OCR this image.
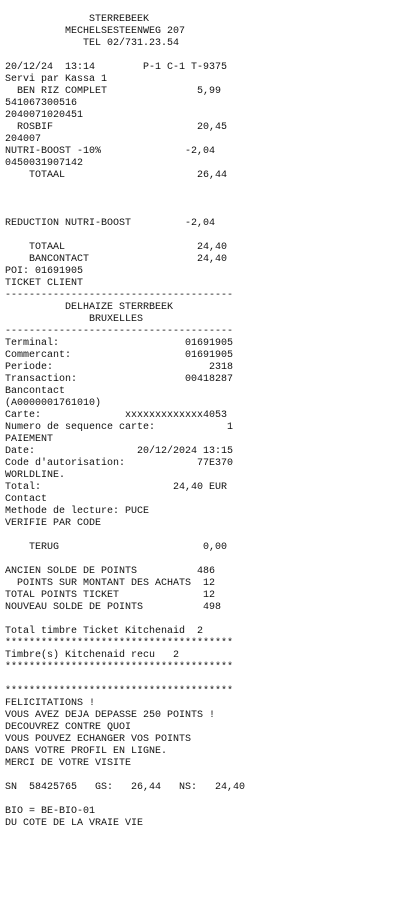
STERREBEEK
MECHELSESTEENWEG 207
TEL 02/731.23.54
20/12/24  13:14        P-1 C-1 T-9375
Servi par Kassa 1
BEN RIZ COMPLET               5,99
541067300516
2040071020451
ROSBIF                        20,45
204007
NUTRI-BOOST -10%              -2,04
0450031907142
TOTAAL                      26,44
REDUCTION NUTRI-BOOST         -2,04
TOTAAL                      24,40
BANCONTACT                  24,40
POI: 01691905
TICKET CLIENT
--------------------------------------
DELHAIZE STERRBEEK
BRUXELLES
--------------------------------------
Terminal:                     01691905
Commercant:                   01691905
Periode:                          2318
Transaction:                  00418287
Bancontact
(A0000001761010)
Carte:              xxxxxxxxxxxxx4053
Numero de sequence carte:            1
PAIEMENT
Date:                 20/12/2024 13:15
Code d'autorisation:            77E370
WORLDLINE.
Total:                      24,40 EUR
Contact
Methode de lecture: PUCE
VERIFIE PAR CODE
TERUG                        0,00
ANCIEN SOLDE DE POINTS          486
POINTS SUR MONTANT DES ACHATS  12
TOTAL POINTS TICKET              12
NOUVEAU SOLDE DE POINTS          498
Total timbre Ticket Kitchenaid  2
**************************************
Timbre(s) Kitchenaid recu   2
**************************************
**************************************
FELICITATIONS !
VOUS AVEZ DEJA DEPASSE 250 POINTS !
DECOUVREZ CONTRE QUOI
VOUS POUVEZ ECHANGER VOS POINTS
DANS VOTRE PROFIL EN LIGNE.
MERCI DE VOTRE VISITE
SN  58425765   GS:   26,44   NS:   24,40
BIO = BE-BIO-01
DU COTE DE LA VRAIE VIE
